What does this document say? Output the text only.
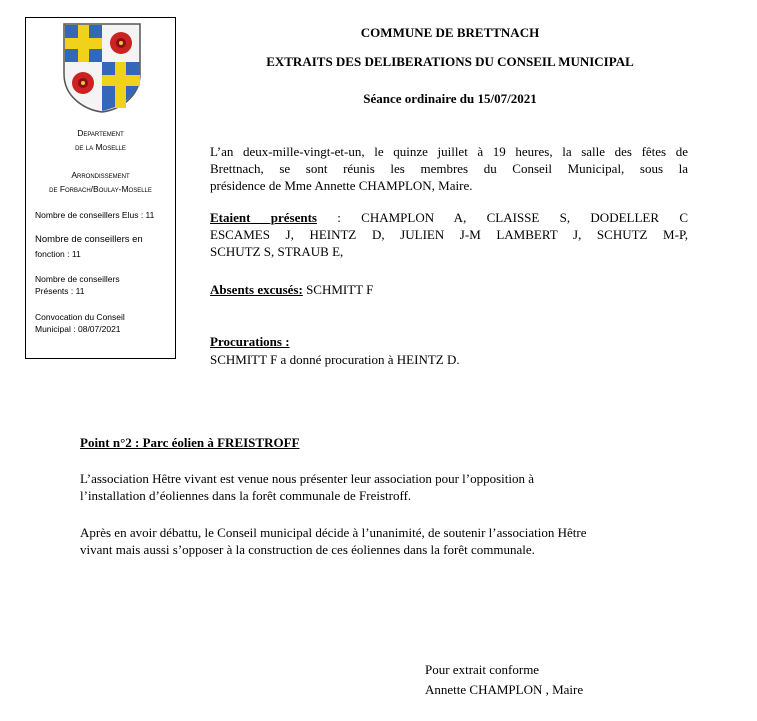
Departement
de la Moselle
Arrondissement
de Forbach/Boulay-Moselle
Nombre de conseillers Elus : 11
Nombre de conseillers en
fonction : 11
Nombre de conseillers
Présents : 11
Convocation du Conseil
Municipal : 08/07/2021
COMMUNE DE BRETTNACH
EXTRAITS DES DELIBERATIONS DU CONSEIL MUNICIPAL
Séance ordinaire du 15/07/2021
L’an deux-mille-vingt-et-un, le quinze juillet à 19 heures, la salle des fêtes de
Brettnach, se sont réunis les membres du Conseil Municipal, sous la
présidence de Mme Annette CHAMPLON, Maire.
Etaient présents : CHAMPLON A, CLAISSE S, DODELLER C
ESCAMES J, HEINTZ D, JULIEN J-M LAMBERT J, SCHUTZ M-P,
SCHUTZ S, STRAUB E,
Absents excusés: SCHMITT F
Procurations :
SCHMITT F a donné procuration à HEINTZ D.
Point n°2 : Parc éolien à FREISTROFF
L’association Hêtre vivant est venue nous présenter leur association pour l’opposition à
l’installation d’éoliennes dans la forêt communale de Freistroff.
Après en avoir débattu, le Conseil municipal décide à l’unanimité, de soutenir l’association Hêtre
vivant mais aussi s’opposer à la construction de ces éoliennes dans la forêt communale.
Pour extrait conforme
Annette CHAMPLON , Maire
